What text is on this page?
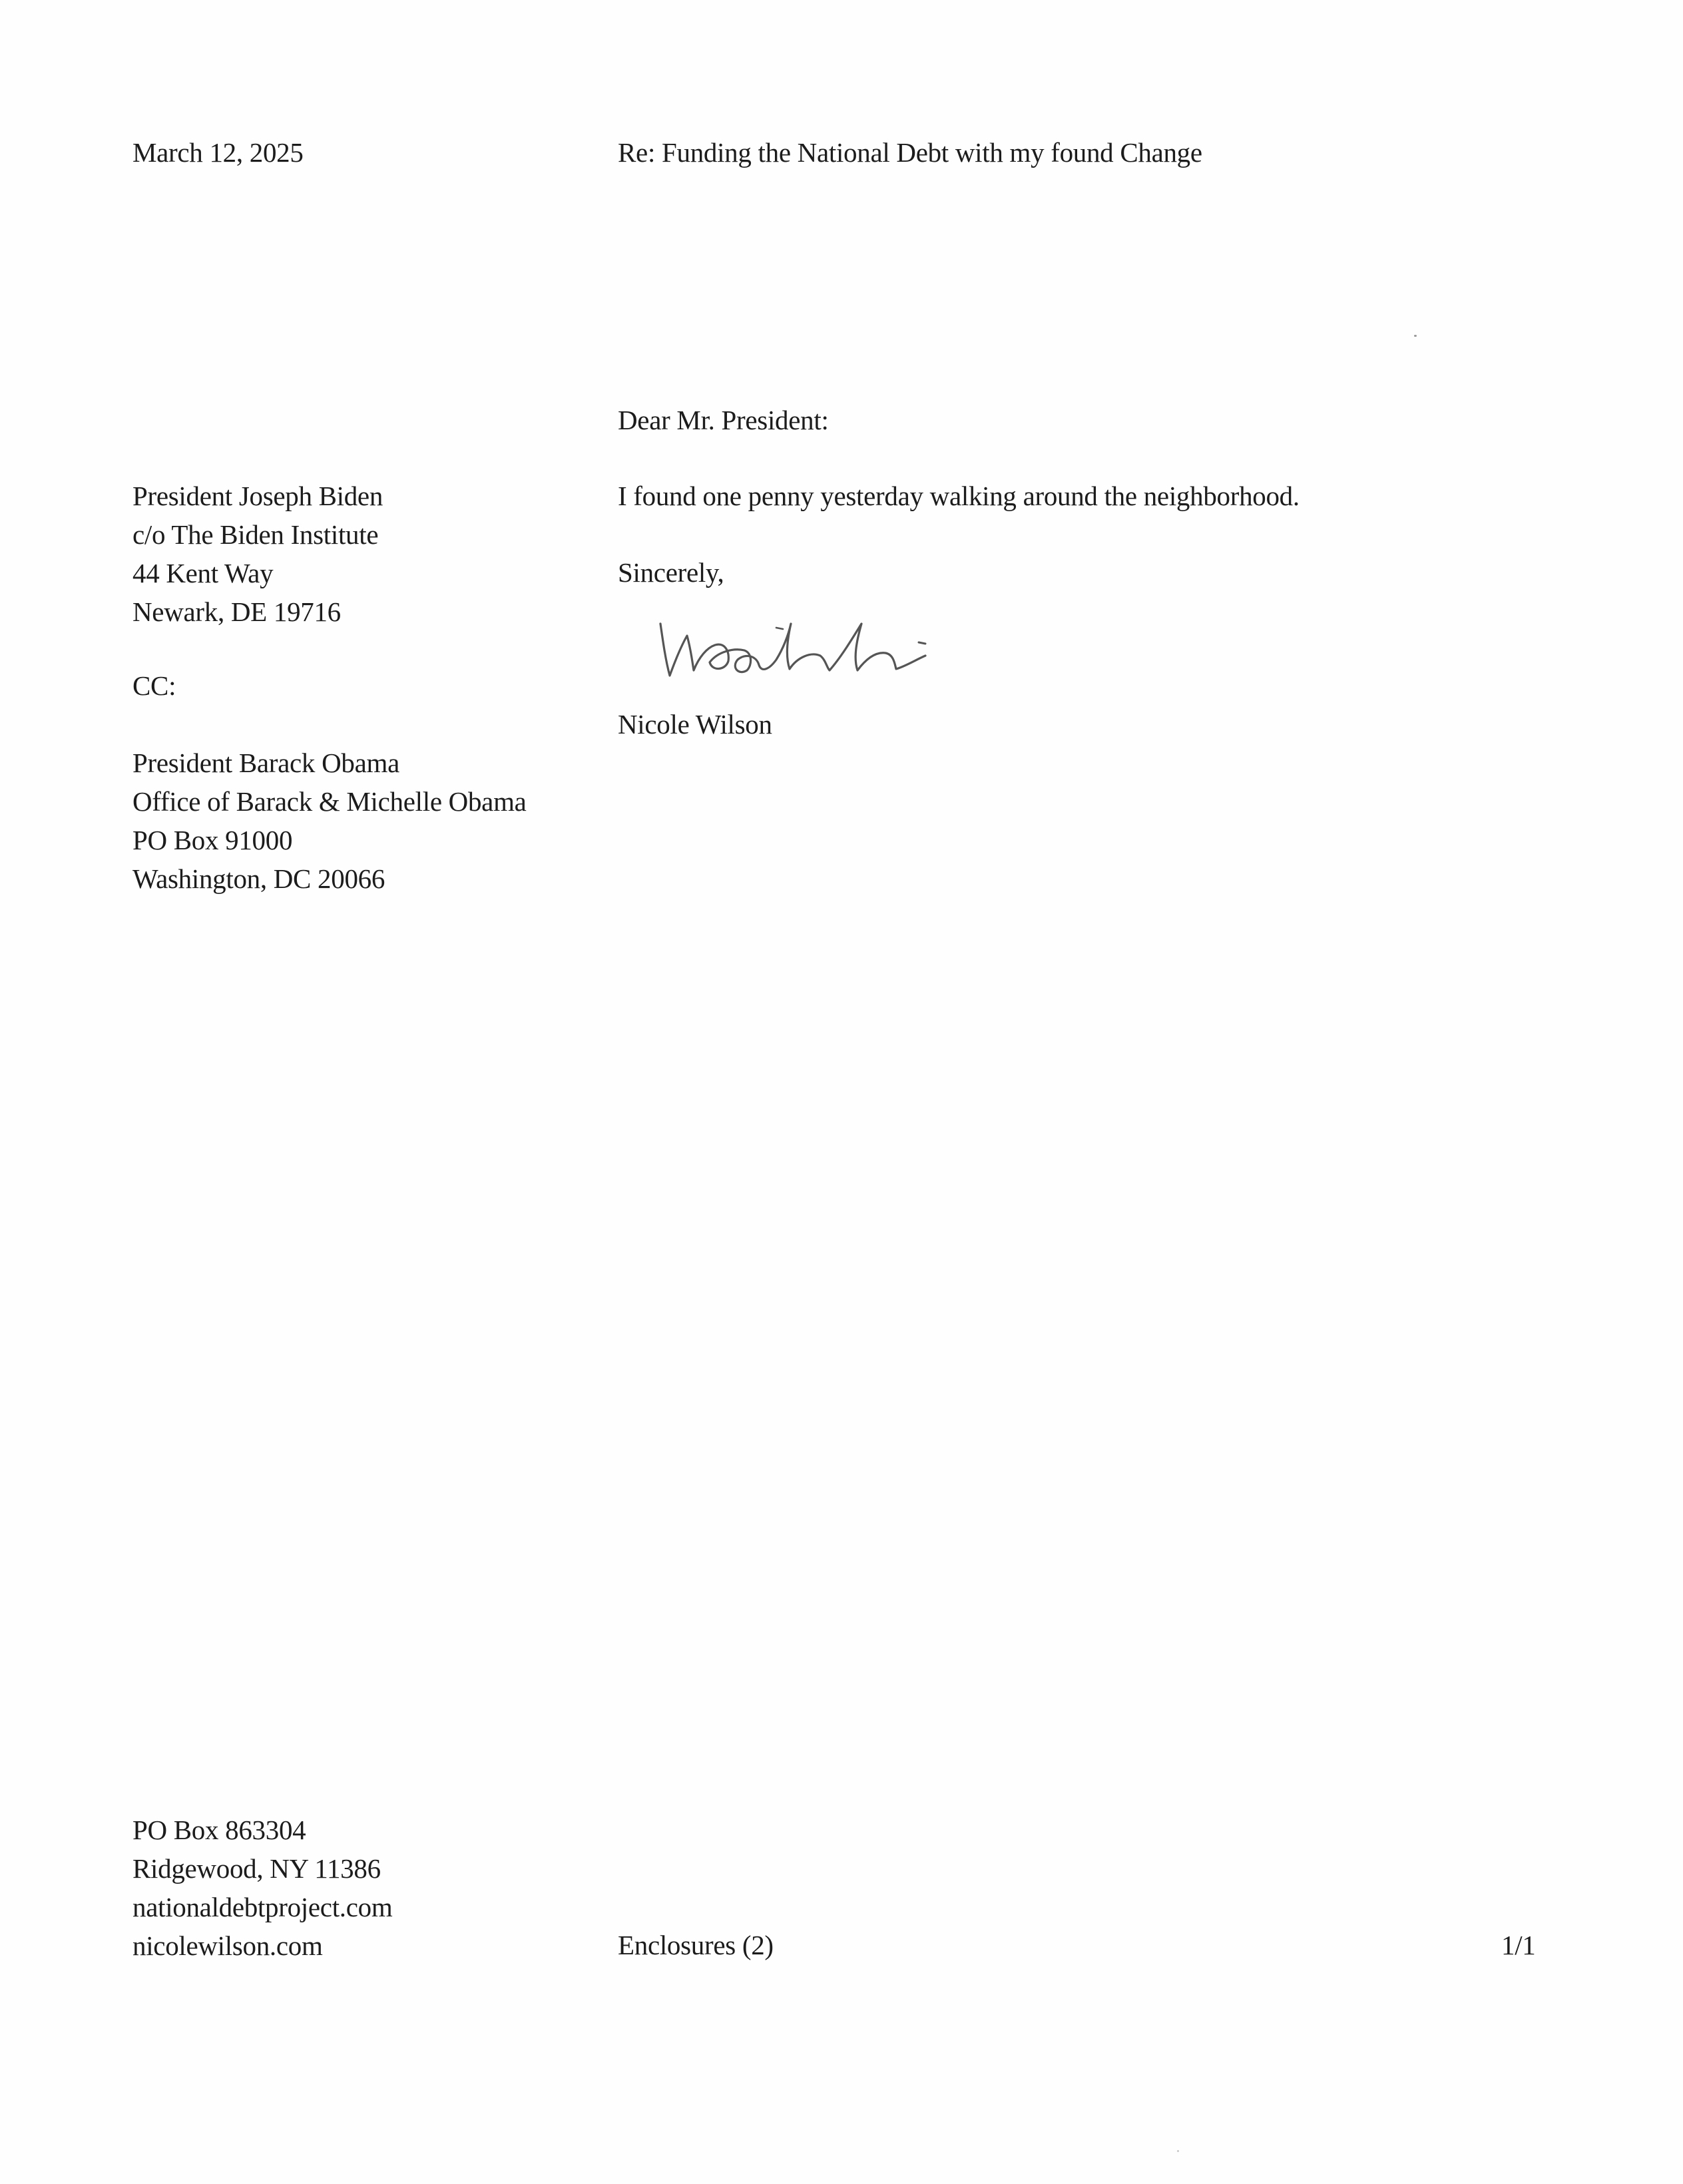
March 12, 2025	Re: Funding the National Debt with my found Change
Dear Mr. President:
I found one penny yesterday walking around the neighborhood.
Sincerely,
Nicole Wilson
President Joseph Biden
c/o The Biden Institute
44 Kent Way
Newark, DE 19716
CC:
President Barack Obama
Office of Barack & Michelle Obama
PO Box 91000
Washington, DC 20066
PO Box 863304
Ridgewood, NY 11386
nationaldebtproject.com
nicolewilson.com	Enclosures (2)	1/1
